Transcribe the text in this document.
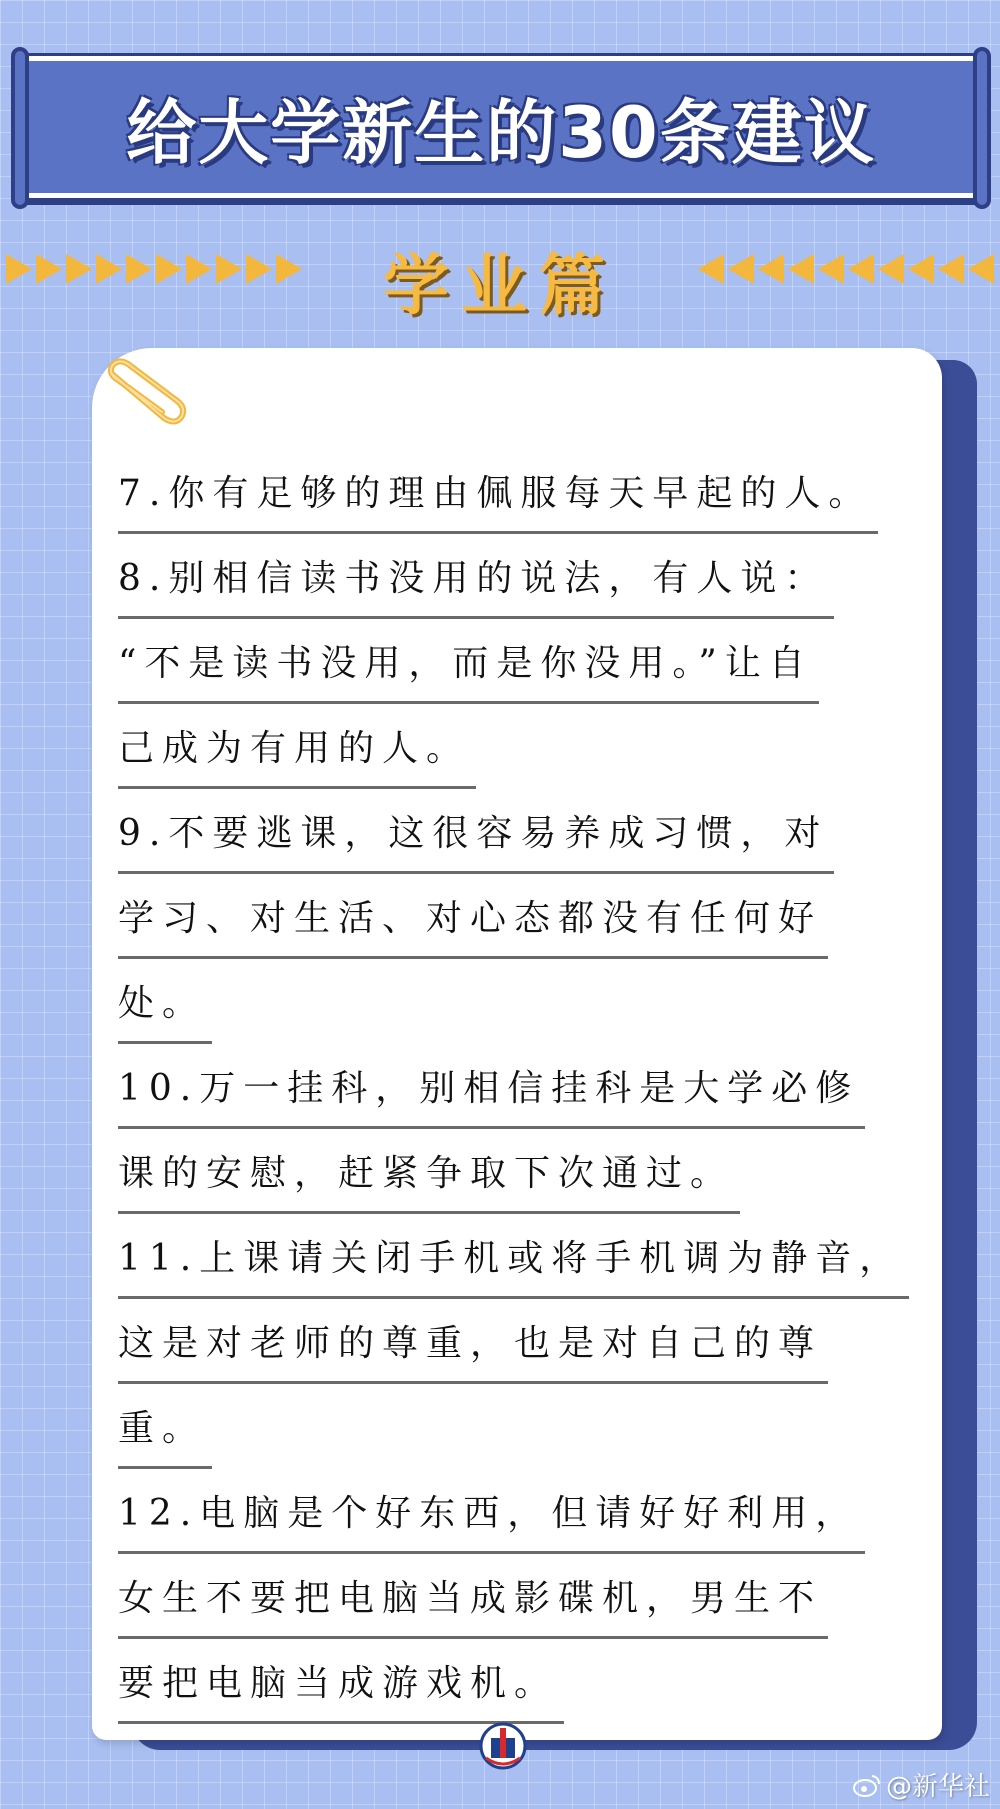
给大学新生的30条建议
学业篇
7.你有足够的理由佩服每天早起的人。
8.别相信读书没用的说法，有人说：
“不是读书没用，而是你没用。”让自
己成为有用的人。
9.不要逃课，这很容易养成习惯，对
学习、对生活、对心态都没有任何好
处。
10.万一挂科，别相信挂科是大学必修
课的安慰，赶紧争取下次通过。
11.上课请关闭手机或将手机调为静音，
这是对老师的尊重，也是对自己的尊
重。
12.电脑是个好东西，但请好好利用，
女生不要把电脑当成影碟机，男生不
要把电脑当成游戏机。
@新华社
